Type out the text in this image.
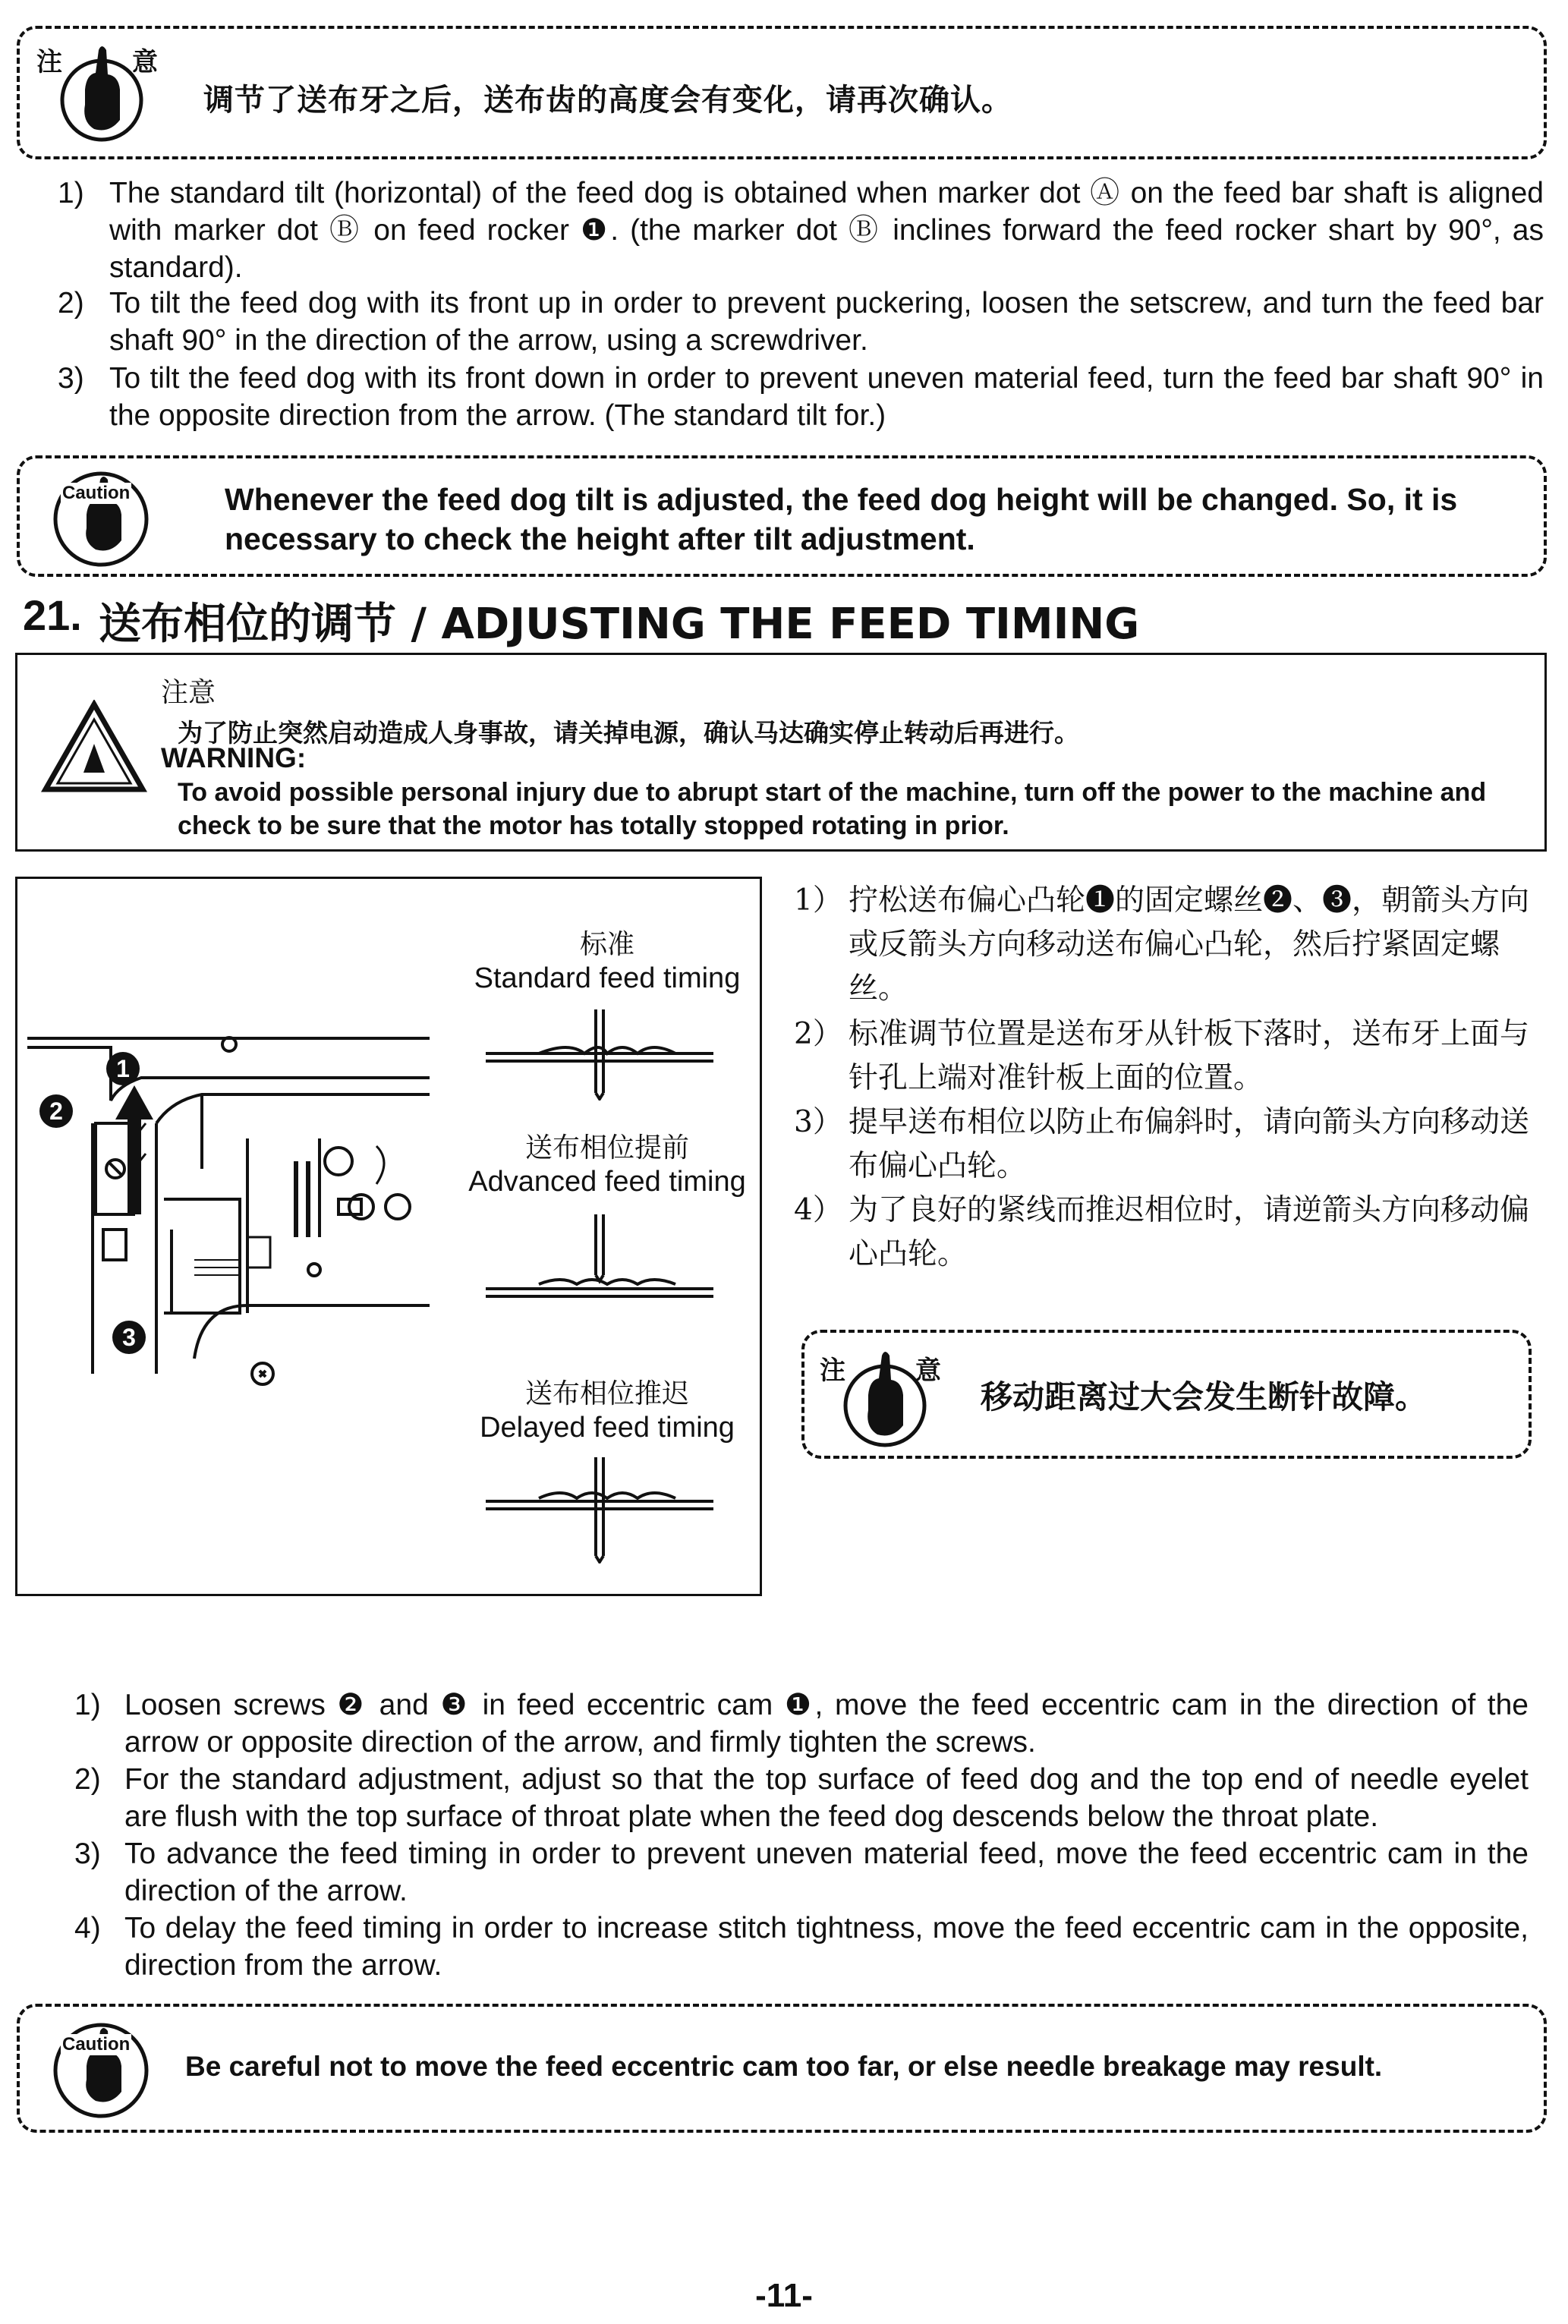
注	意
调节了送布牙之后，送布齿的高度会有变化，请再次确认。
1) The standard tilt (horizontal) of the feed dog is obtained when marker dot Ⓐ on the feed bar shaft is aligned with marker dot Ⓑ on feed rocker ❶. (the marker dot Ⓑ inclines forward the feed rocker shart by 90°, as standard).
2) To tilt the feed dog with its front up in order to prevent puckering, loosen the setscrew, and turn the feed bar shaft 90° in the direction of the arrow, using a screwdriver.
3) To tilt the feed dog with its front down in order to prevent uneven material feed, turn the feed bar shaft 90° in the opposite direction from the arrow. (The standard tilt for.)
Caution	Whenever the feed dog tilt is adjusted, the feed dog height will be changed. So, it is necessary to check the height after tilt adjustment.
21. 送布相位的调节 / ADJUSTING THE FEED TIMING
注意
为了防止突然启动造成人身事故，请关掉电源，确认马达确实停止转动后再进行。
WARNING:
To avoid possible personal injury due to abrupt start of the machine, turn off the power to the machine and check to be sure that the motor has totally stopped rotating in prior.
1
2
3
标准
Standard feed timing
送布相位提前
Advanced feed timing
送布相位推迟
Delayed feed timing
1） 拧松送布偏心凸轮❶的固定螺丝❷、❸，朝箭头方向或反箭头方向移动送布偏心凸轮，然后拧紧固定螺丝。
2） 标准调节位置是送布牙从针板下落时，送布牙上面与针孔上端对准针板上面的位置。
3） 提早送布相位以防止布偏斜时，请向箭头方向移动送布偏心凸轮。
4） 为了良好的紧线而推迟相位时，请逆箭头方向移动偏心凸轮。
注	意
移动距离过大会发生断针故障。
1) Loosen screws ❷ and ❸ in feed eccentric cam ❶, move the feed eccentric cam in the direction of the arrow or opposite direction of the arrow, and firmly tighten the screws.
2) For the standard adjustment, adjust so that the top surface of feed dog and the top end of needle eyelet are flush with the top surface of throat plate when the feed dog descends below the throat plate.
3) To advance the feed timing in order to prevent uneven material feed, move the feed eccentric cam in the direction of the arrow.
4) To delay the feed timing in order to increase stitch tightness, move the feed eccentric cam in the opposite, direction from the arrow.
Caution
Be careful not to move the feed eccentric cam too far, or else needle breakage may result.
-11-
